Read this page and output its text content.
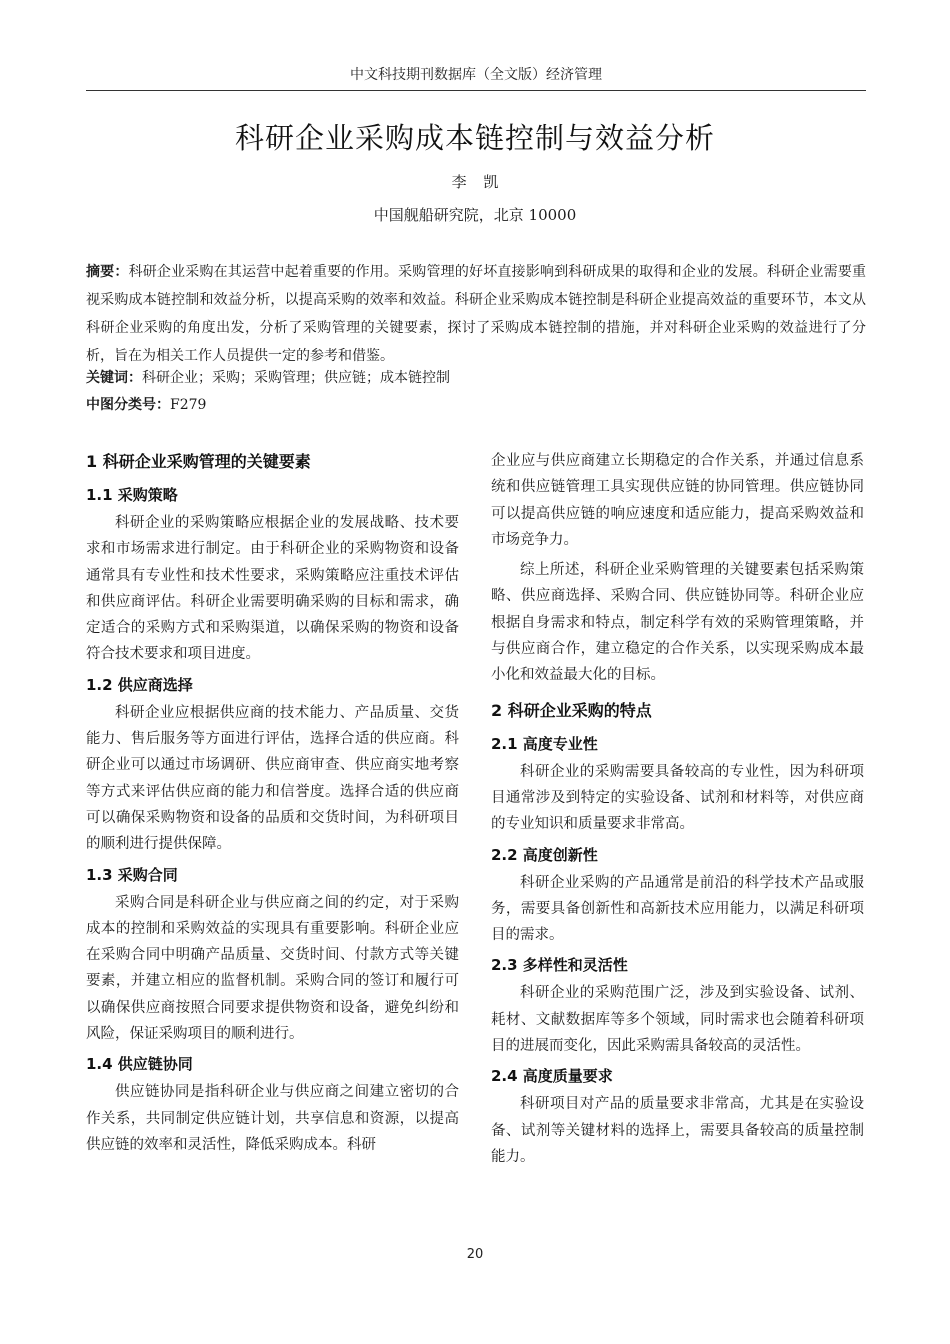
中文科技期刊数据库（全文版）经济管理
科研企业采购成本链控制与效益分析
李 凯
中国舰船研究院，北京 10000
摘要：科研企业采购在其运营中起着重要的作用。采购管理的好坏直接影响到科研成果的取得和企业的发展。科研企业需要重视采购成本链控制和效益分析，以提高采购的效率和效益。科研企业采购成本链控制是科研企业提高效益的重要环节，本文从科研企业采购的角度出发，分析了采购管理的关键要素，探讨了采购成本链控制的措施，并对科研企业采购的效益进行了分析，旨在为相关工作人员提供一定的参考和借鉴。
关键词：科研企业；采购；采购管理；供应链；成本链控制
中图分类号：F279
1 科研企业采购管理的关键要素
1.1 采购策略

科研企业的采购策略应根据企业的发展战略、技术要求和市场需求进行制定。由于科研企业的采购物资和设备通常具有专业性和技术性要求，采购策略应注重技术评估和供应商评估。科研企业需要明确采购的目标和需求，确定适合的采购方式和采购渠道，以确保采购的物资和设备符合技术要求和项目进度。

1.2 供应商选择

科研企业应根据供应商的技术能力、产品质量、交货能力、售后服务等方面进行评估，选择合适的供应商。科研企业可以通过市场调研、供应商审查、供应商实地考察等方式来评估供应商的能力和信誉度。选择合适的供应商可以确保采购物资和设备的品质和交货时间，为科研项目的顺利进行提供保障。

1.3 采购合同

采购合同是科研企业与供应商之间的约定，对于采购成本的控制和采购效益的实现具有重要影响。科研企业应在采购合同中明确产品质量、交货时间、付款方式等关键要素，并建立相应的监督机制。采购合同的签订和履行可以确保供应商按照合同要求提供物资和设备，避免纠纷和风险，保证采购项目的顺利进行。

1.4 供应链协同

供应链协同是指科研企业与供应商之间建立密切的合作关系，共同制定供应链计划，共享信息和资源，以提高供应链的效率和灵活性，降低采购成本。科研

企业应与供应商建立长期稳定的合作关系，并通过信息系统和供应链管理工具实现供应链的协同管理。供应链协同可以提高供应链的响应速度和适应能力，提高采购效益和市场竞争力。

综上所述，科研企业采购管理的关键要素包括采购策略、供应商选择、采购合同、供应链协同等。科研企业应根据自身需求和特点，制定科学有效的采购管理策略，并与供应商合作，建立稳定的合作关系，以实现采购成本最小化和效益最大化的目标。

2 科研企业采购的特点
2.1 高度专业性

科研企业的采购需要具备较高的专业性，因为科研项目通常涉及到特定的实验设备、试剂和材料等，对供应商的专业知识和质量要求非常高。

2.2 高度创新性

科研企业采购的产品通常是前沿的科学技术产品或服务，需要具备创新性和高新技术应用能力，以满足科研项目的需求。

2.3 多样性和灵活性

科研企业的采购范围广泛，涉及到实验设备、试剂、耗材、文献数据库等多个领域，同时需求也会随着科研项目的进展而变化，因此采购需具备较高的灵活性。

2.4 高度质量要求

科研项目对产品的质量要求非常高，尤其是在实验设备、试剂等关键材料的选择上，需要具备较高的质量控制能力。

20
